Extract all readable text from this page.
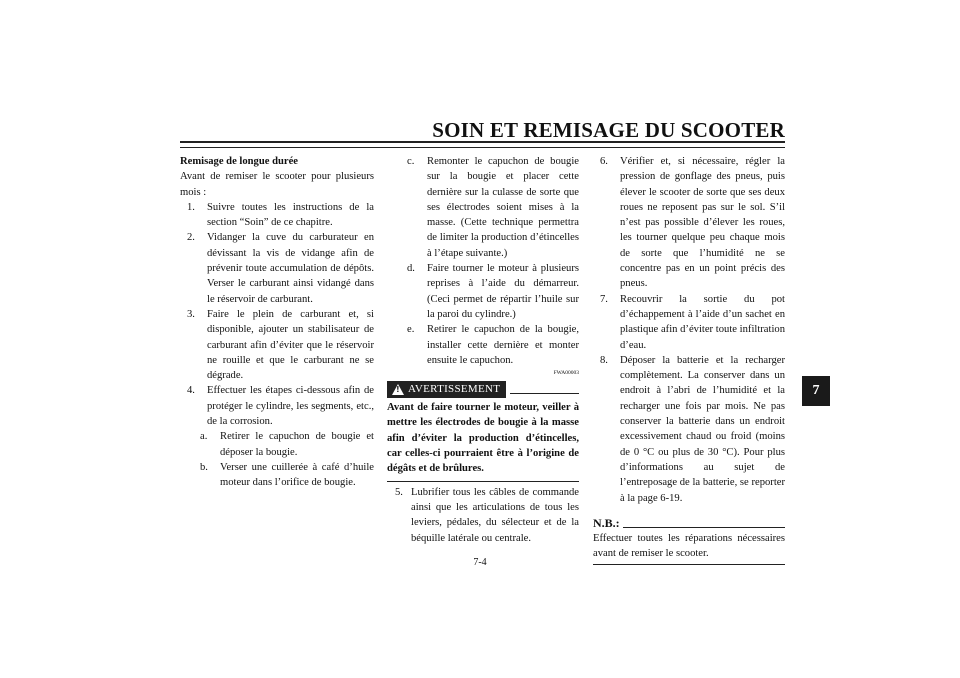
SOIN ET REMISAGE DU SCOOTER
7
Remisage de longue durée
Avant de remiser le scooter pour plusieurs mois :
1. Suivre toutes les instructions de la section “Soin” de ce chapitre.
2. Vidanger la cuve du carburateur en dévissant la vis de vidange afin de prévenir toute accumulation de dépôts. Verser le carburant ainsi vidangé dans le réservoir de carburant.
3. Faire le plein de carburant et, si disponible, ajouter un stabilisateur de carburant afin d’éviter que le réservoir ne rouille et que le carburant ne se dégrade.
4. Effectuer les étapes ci-dessous afin de protéger le cylindre, les segments, etc., de la corrosion.
a. Retirer le capuchon de bougie et déposer la bougie.
b. Verser une cuillerée à café d’huile moteur dans l’orifice de bougie.
c. Remonter le capuchon de bougie sur la bougie et placer cette dernière sur la culasse de sorte que ses électrodes soient mises à la masse. (Cette technique permettra de limiter la production d’étincelles à l’étape suivante.)
d. Faire tourner le moteur à plusieurs reprises à l’aide du démarreur. (Ceci permet de répartir l’huile sur la paroi du cylindre.)
e. Retirer le capuchon de la bougie, installer cette dernière et monter ensuite le capuchon.
FWA00003
!
AVERTISSEMENT
Avant de faire tourner le moteur, veiller à mettre les électrodes de bougie à la masse afin d’éviter la production d’étincelles, car celles-ci pourraient être à l’origine de dégâts et de brûlures.
5. Lubrifier tous les câbles de commande ainsi que les articulations de tous les leviers, pédales, du sélecteur et de la béquille latérale ou centrale.
6. Vérifier et, si nécessaire, régler la pression de gonflage des pneus, puis élever le scooter de sorte que ses deux roues ne reposent pas sur le sol. S’il n’est pas possible d’élever les roues, les tourner quelque peu chaque mois de sorte que l’humidité ne se concentre pas en un point précis des pneus.
7. Recouvrir la sortie du pot d’échappement à l’aide d’un sachet en plastique afin d’éviter toute infiltration d’eau.
8. Déposer la batterie et la recharger complètement. La conserver dans un endroit à l’abri de l’humidité et la recharger une fois par mois. Ne pas conserver la batterie dans un endroit excessivement chaud ou froid (moins de 0 °C ou plus de 30 °C). Pour plus d’informations au sujet de l’entreposage de la batterie, se reporter à la page 6-19.
N.B.:
Effectuer toutes les réparations nécessaires avant de remiser le scooter.
7-4
